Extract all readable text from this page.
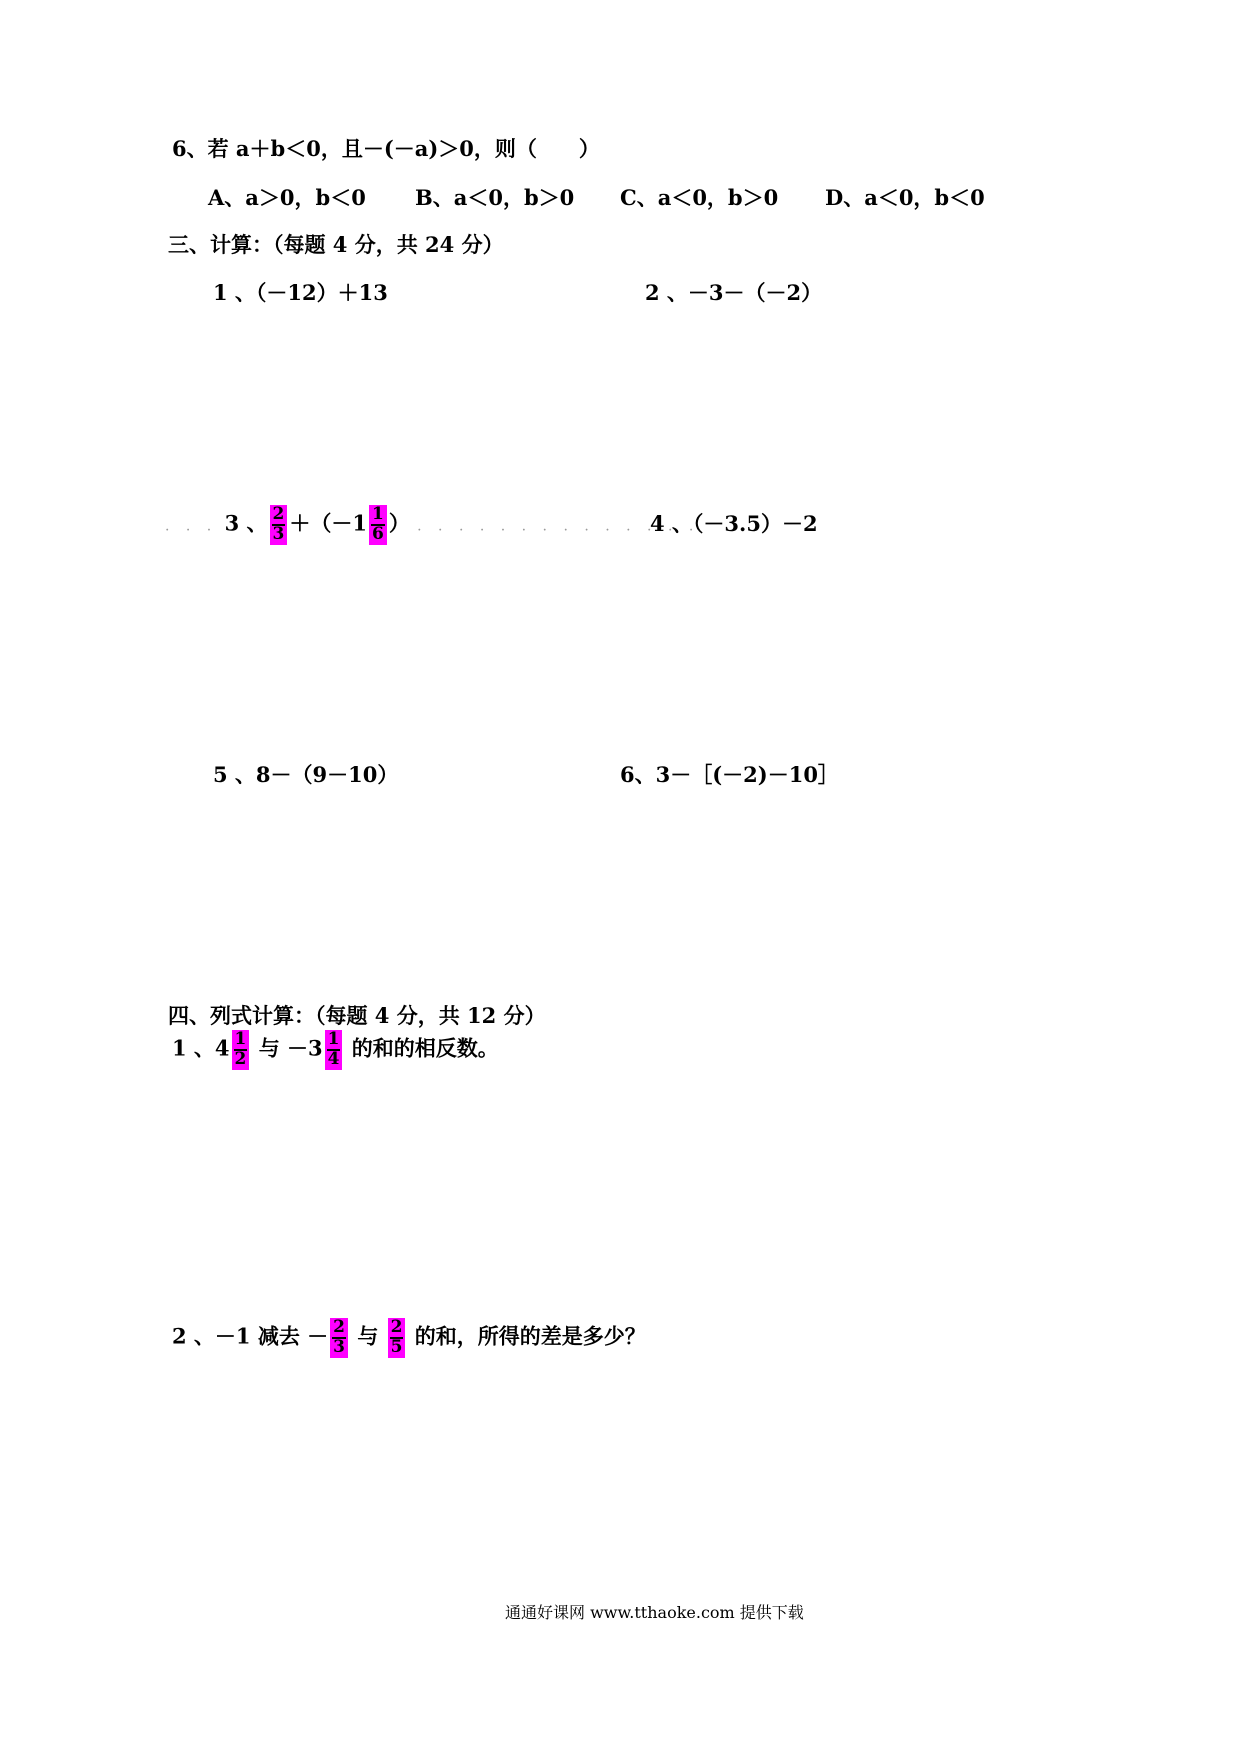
6、若 a＋b＜0，且－(－a)＞0，则（　　）
A、a＞0，b＜0 B、a＜0，b＞0 C、a＜0，b＞0 D、a＜0，b＜0
三、计算：（每题 4 分，共 24 分）
1 、（－12）＋13	2 、－3－（－2）
. . . 3 、 $\frac{2}{3} +(-1 \frac{1}{6}$ ） . . . . . . . . . . . . . .
4 、（－3.5）－2
5 、8－（9－10）	6、3－［(－2)－10］
四、列式计算：（每题 4 分，共 12 分）
1 、$4 \frac{1}{2}$ 与 $-3 \frac{1}{4}$ 的和的相反数。
2 、－1 减去 － $\frac{2}{3}$ 与 $\frac{2}{5}$ 的和，所得的差是多少？
通通好课网 www.tthaoke.com 提供下载
